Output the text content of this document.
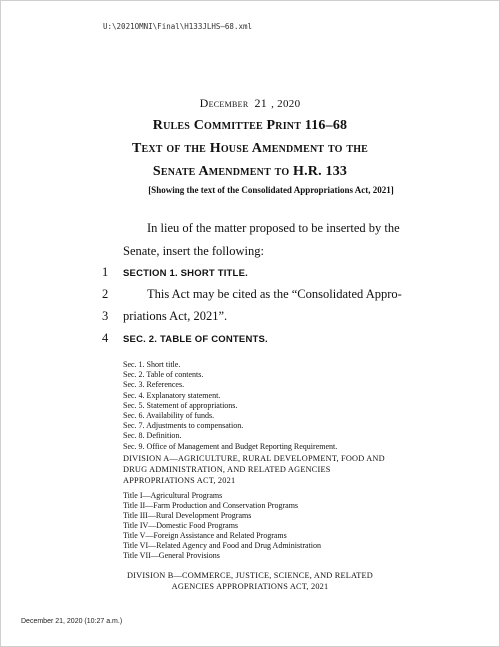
U:\2021OMNI\Final\H133JLHS—68.xml
December 21 , 2020
Rules Committee Print 116–68
Text of the House Amendment to the
Senate Amendment to H.R. 133
[Showing the text of the Consolidated Appropriations Act, 2021]
In lieu of the matter proposed to be inserted by the
Senate, insert the following:
1 SECTION 1. SHORT TITLE.
2	This Act may be cited as the “Consolidated Appro-
3 priations Act, 2021”.
4 SEC. 2. TABLE OF CONTENTS.
Sec. 1. Short title.
Sec. 2. Table of contents.
Sec. 3. References.
Sec. 4. Explanatory statement.
Sec. 5. Statement of appropriations.
Sec. 6. Availability of funds.
Sec. 7. Adjustments to compensation.
Sec. 8. Definition.
Sec. 9. Office of Management and Budget Reporting Requirement.
DIVISION A—AGRICULTURE, RURAL DEVELOPMENT, FOOD AND DRUG ADMINISTRATION, AND RELATED AGENCIES APPROPRIATIONS ACT, 2021
Title I—Agricultural Programs
Title II—Farm Production and Conservation Programs
Title III—Rural Development Programs
Title IV—Domestic Food Programs
Title V—Foreign Assistance and Related Programs
Title VI—Related Agency and Food and Drug Administration
Title VII—General Provisions
DIVISION B—COMMERCE, JUSTICE, SCIENCE, AND RELATED
AGENCIES APPROPRIATIONS ACT, 2021
December 21, 2020 (10:27 a.m.)
